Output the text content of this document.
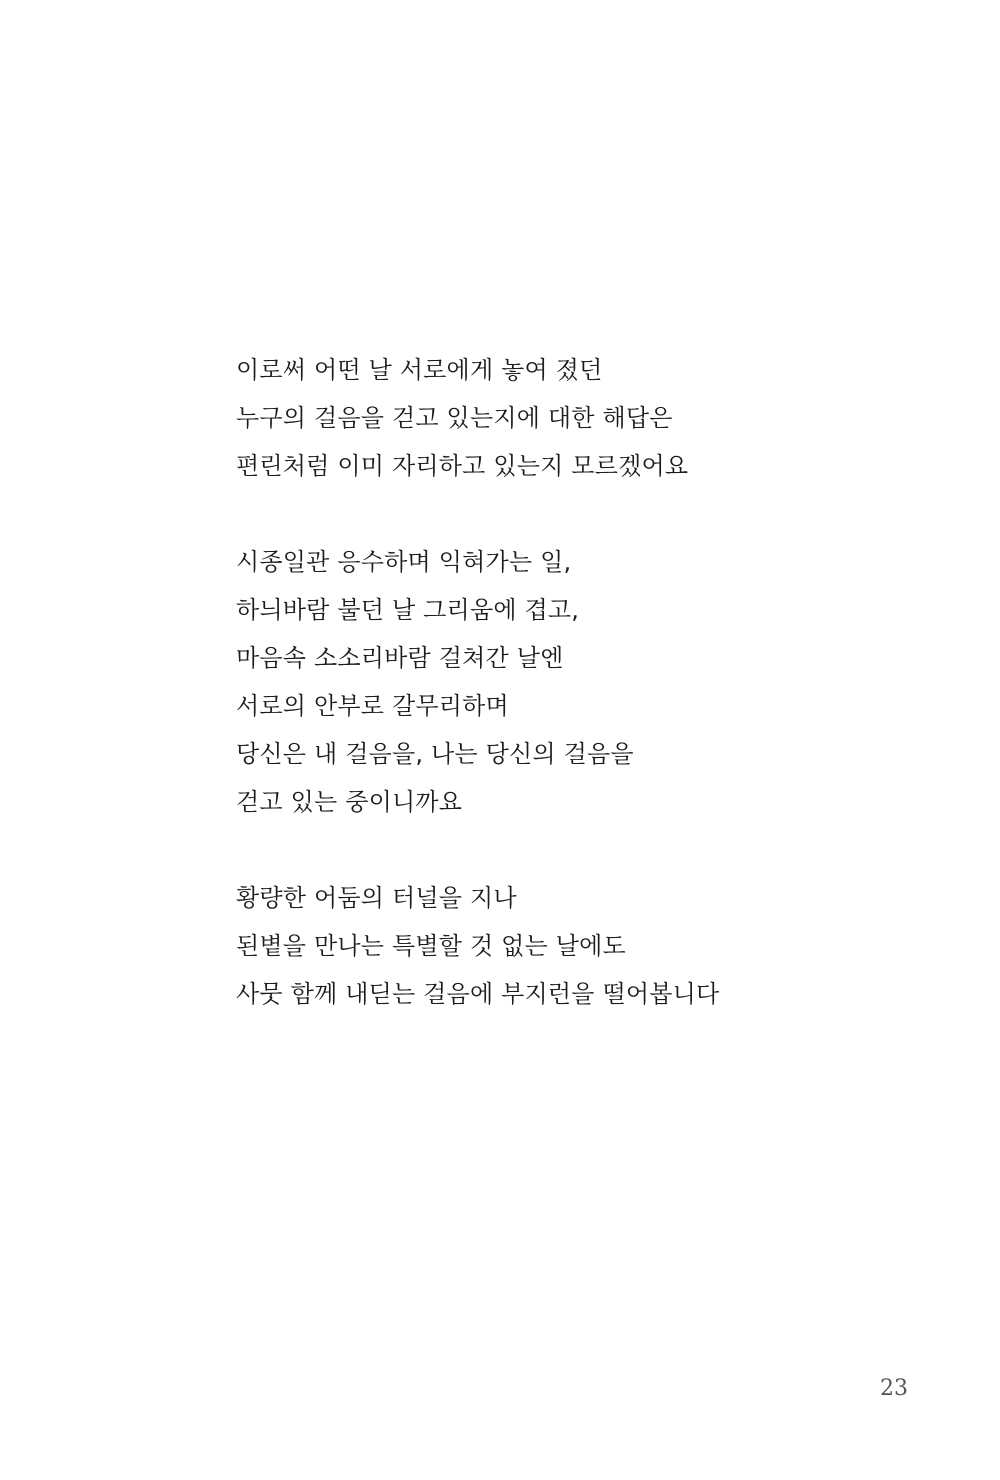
이로써 어떤 날 서로에게 놓여 졌던
누구의 걸음을 걷고 있는지에 대한 해답은
편린처럼 이미 자리하고 있는지 모르겠어요
시종일관 응수하며 익혀가는 일,
하늬바람 불던 날 그리움에 겹고,
마음속 소소리바람 걸쳐간 날엔
서로의 안부로 갈무리하며
당신은 내 걸음을, 나는 당신의 걸음을
걷고 있는 중이니까요
황량한 어둠의 터널을 지나
된볕을 만나는 특별할 것 없는 날에도
사뭇 함께 내딛는 걸음에 부지런을 떨어봅니다
23
